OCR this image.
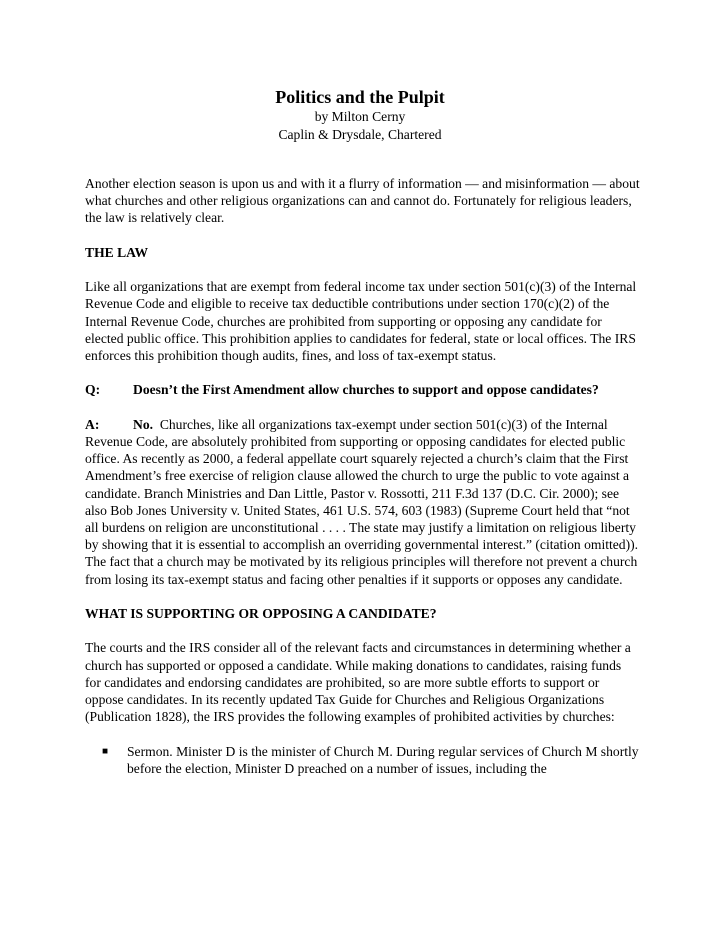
Politics and the Pulpit

by Milton Cerny

Caplin & Drysdale, Chartered

Another election season is upon us and with it a flurry of information — and misinformation — about what churches and other religious organizations can and cannot do. Fortunately for religious leaders, the law is relatively clear.

THE LAW

Like all organizations that are exempt from federal income tax under section 501(c)(3) of the Internal Revenue Code and eligible to receive tax deductible contributions under section 170(c)(2) of the Internal Revenue Code, churches are prohibited from supporting or opposing any candidate for elected public office. This prohibition applies to candidates for federal, state or local offices. The IRS enforces this prohibition though audits, fines, and loss of tax-exempt status.

Q: Doesn’t the First Amendment allow churches to support and oppose candidates?

A: No. Churches, like all organizations tax-exempt under section 501(c)(3) of the Internal Revenue Code, are absolutely prohibited from supporting or opposing candidates for elected public office. As recently as 2000, a federal appellate court squarely rejected a church’s claim that the First Amendment’s free exercise of religion clause allowed the church to urge the public to vote against a candidate. Branch Ministries and Dan Little, Pastor v. Rossotti, 211 F.3d 137 (D.C. Cir. 2000); see also Bob Jones University v. United States, 461 U.S. 574, 603 (1983) (Supreme Court held that “not all burdens on religion are unconstitutional . . . . The state may justify a limitation on religious liberty by showing that it is essential to accomplish an overriding governmental interest.” (citation omitted)). The fact that a church may be motivated by its religious principles will therefore not prevent a church from losing its tax-exempt status and facing other penalties if it supports or opposes any candidate.

WHAT IS SUPPORTING OR OPPOSING A CANDIDATE?

The courts and the IRS consider all of the relevant facts and circumstances in determining whether a church has supported or opposed a candidate. While making donations to candidates, raising funds for candidates and endorsing candidates are prohibited, so are more subtle efforts to support or oppose candidates. In its recently updated Tax Guide for Churches and Religious Organizations (Publication 1828), the IRS provides the following examples of prohibited activities by churches:

■ Sermon. Minister D is the minister of Church M. During regular services of Church M shortly before the election, Minister D preached on a number of issues, including the
